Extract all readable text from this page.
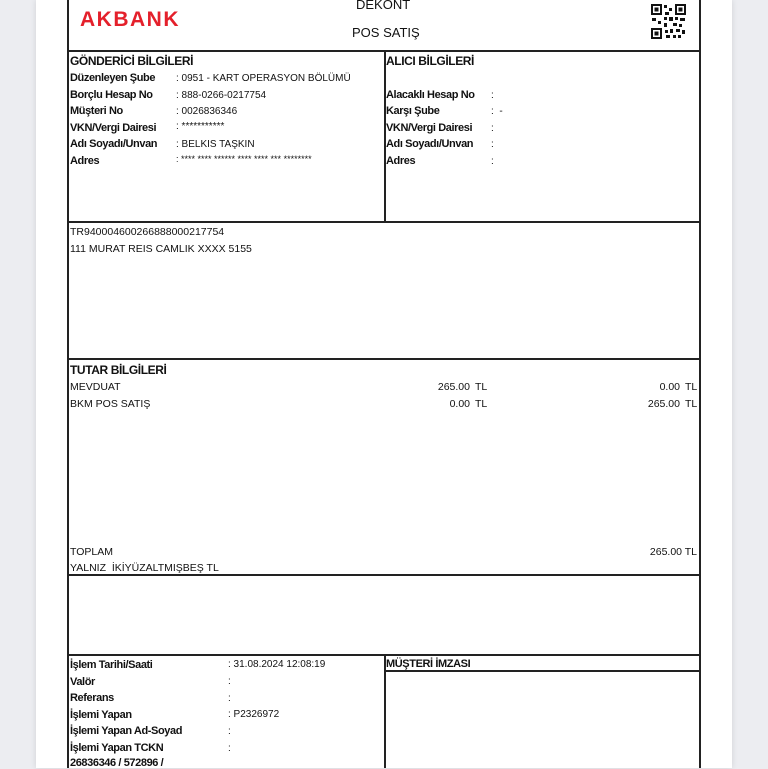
AKBANK
DEKONT
POS SATIŞ
GÖNDERİCİ BİLGİLERİ
Düzenleyen Şube : 0951 - KART OPERASYON BÖLÜMÜ
Borçlu Hesap No : 888-0266-0217754
Müşteri No	: 0026836346
VKN/Vergi Dairesi : ***********
Adı Soyadı/Unvan : BELKIS TAŞKIN
Adres	: **** **** ****** **** **** *** ********
ALICI BİLGİLERİ
Alacaklı Hesap No :
Karşı Şube	:  -
VKN/Vergi Dairesi :
Adı Soyadı/Unvan :
Adres	:
TR940004600266888000217754
111 MURAT REIS CAMLIK XXXX 5155
TUTAR BİLGİLERİ
MEVDUAT	265.00 TL	0.00 TL
BKM POS SATIŞ	0.00 TL	265.00 TL
TOPLAM	265.00 TL
YALNIZ  İKİYÜZALTMIŞBEŞ TL
İşlem Tarihi/Saati	: 31.08.2024 12:08:19
Valör	:
Referans	:
İşlemi Yapan	: P2326972
İşlemi Yapan Ad-Soyad	:
İşlemi Yapan TCKN	:
26836346 / 572896 /
MÜŞTERİ İMZASI
